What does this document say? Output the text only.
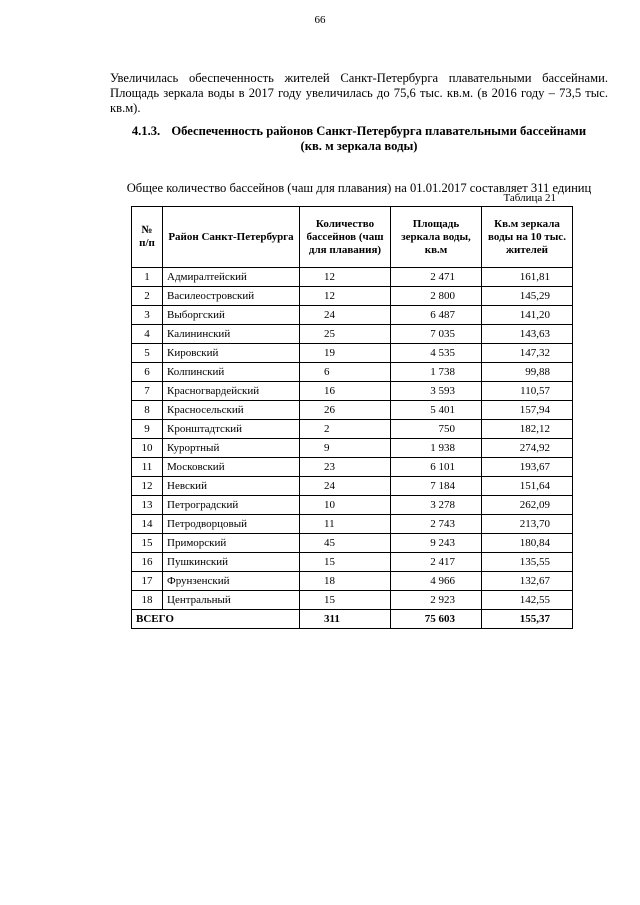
66

Увеличилась обеспеченность жителей Санкт-Петербурга плавательными бассейнами. Площадь зеркала воды в 2017 году увеличилась до 75,6 тыс. кв.м. (в 2016 году – 73,5 тыс. кв.м).

4.1.3. Обеспеченность районов Санкт-Петербурга плавательными бассейнами
(кв. м зеркала воды)

Общее количество бассейнов (чаш для плавания) на 01.01.2017 составляет 311 единиц

Таблица 21
№ п/п	Район Санкт-Петербурга	Количество бассейнов (чаш для плавания)	Площадь зеркала воды, кв.м	Кв.м зеркала воды на 10 тыс. жителей
1	Адмиралтейский	12	2 471	161,81
2	Василеостровский	12	2 800	145,29
3	Выборгский	24	6 487	141,20
4	Калининский	25	7 035	143,63
5	Кировский	19	4 535	147,32
6	Колпинский	6	1 738	99,88
7	Красногвардейский	16	3 593	110,57
8	Красносельский	26	5 401	157,94
9	Кронштадтский	2	750	182,12
10	Курортный	9	1 938	274,92
11	Московский	23	6 101	193,67
12	Невский	24	7 184	151,64
13	Петроградский	10	3 278	262,09
14	Петродворцовый	11	2 743	213,70
15	Приморский	45	9 243	180,84
16	Пушкинский	15	2 417	135,55
17	Фрунзенский	18	4 966	132,67
18	Центральный	15	2 923	142,55
ВСЕГО		311	75 603	155,37
